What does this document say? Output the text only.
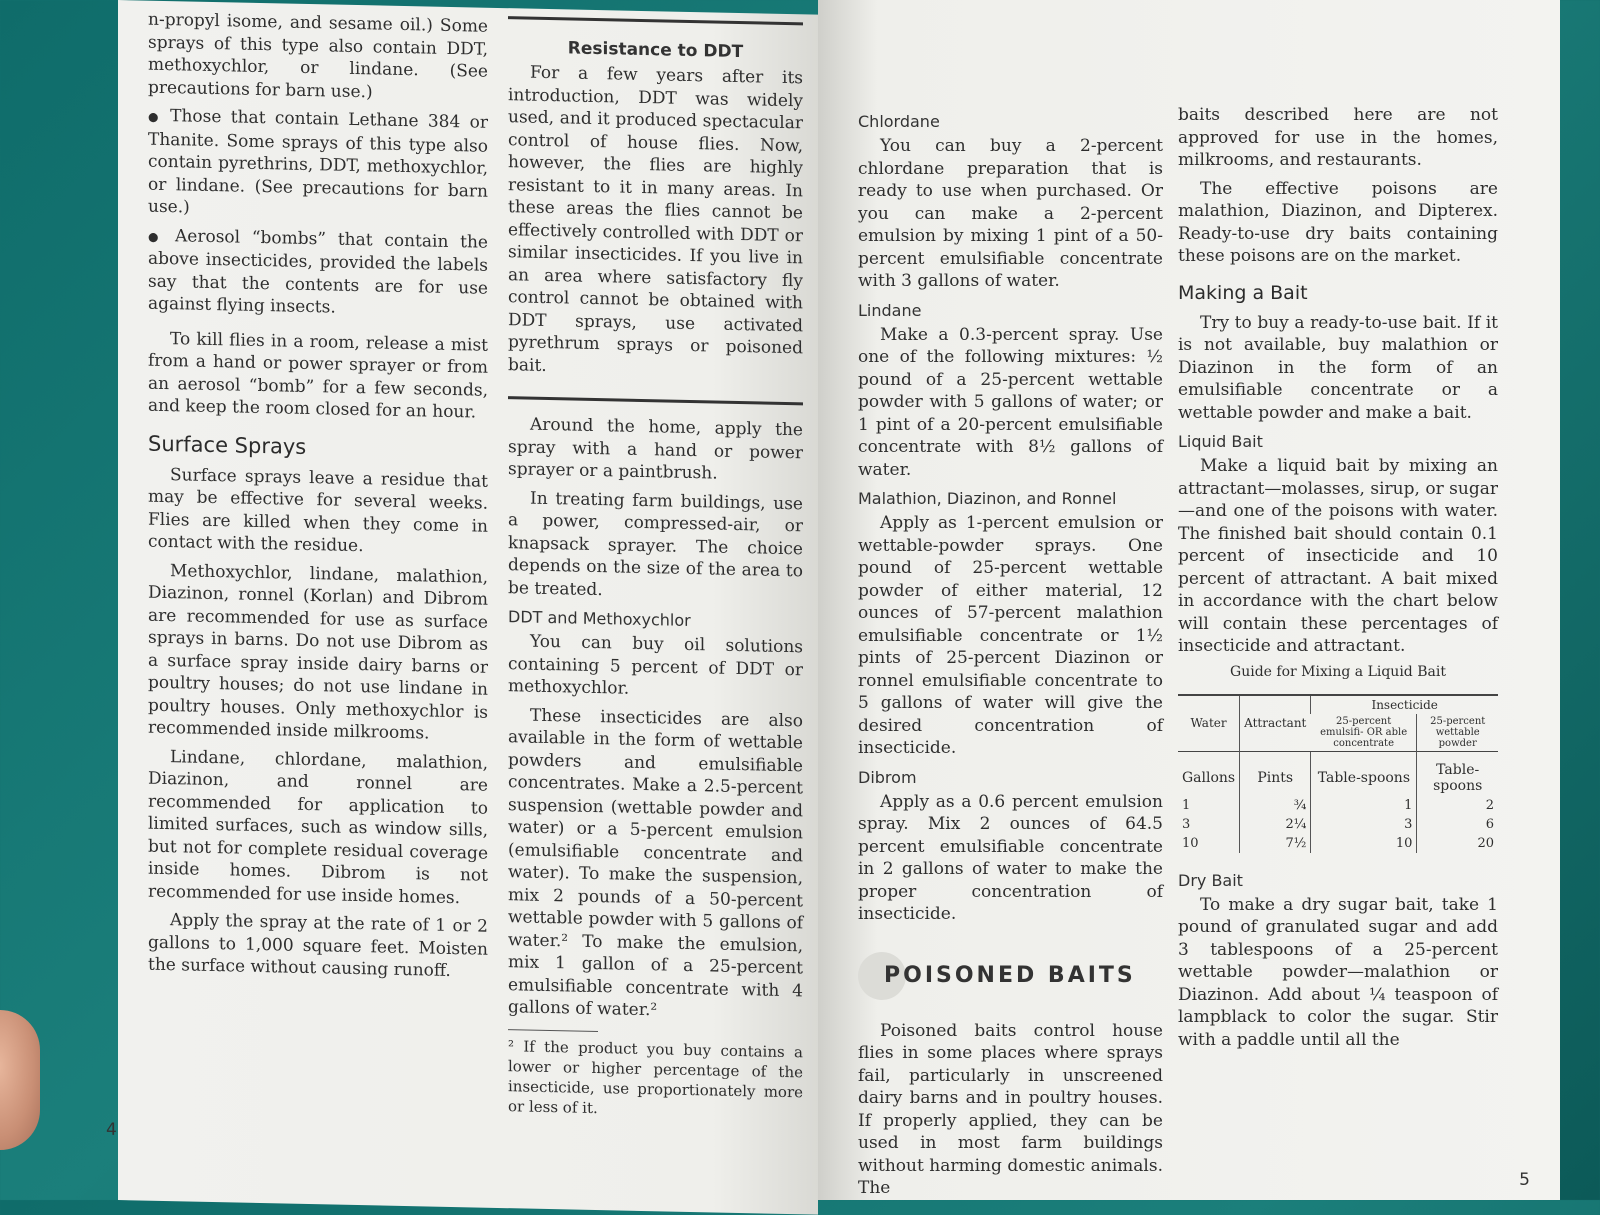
n-propyl isome, and sesame oil.) Some sprays of this type also contain DDT, methoxychlor, or lindane. (See precautions for barn use.)

● Those that contain Lethane 384 or Thanite. Some sprays of this type also contain pyrethrins, DDT, methoxychlor, or lindane. (See precautions for barn use.)

● Aerosol “bombs” that contain the above insecticides, provided the labels say that the contents are for use against flying insects.

To kill flies in a room, release a mist from a hand or power sprayer or from an aerosol “bomb” for a few seconds, and keep the room closed for an hour.

Surface Sprays

Surface sprays leave a residue that may be effective for several weeks. Flies are killed when they come in contact with the residue.

Methoxychlor, lindane, malathion, Diazinon, ronnel (Korlan) and Dibrom are recommended for use as surface sprays in barns. Do not use Dibrom as a surface spray inside dairy barns or poultry houses; do not use lindane in poultry houses. Only methoxychlor is recommended inside milkrooms.

Lindane, chlordane, malathion, Diazinon, and ronnel are recommended for application to limited surfaces, such as window sills, but not for complete residual coverage inside homes. Dibrom is not recommended for use inside homes.

Apply the spray at the rate of 1 or 2 gallons to 1,000 square feet. Moisten the surface without causing runoff.

Resistance to DDT

For a few years after its introduction, DDT was widely used, and it produced spectacular control of house flies. Now, however, the flies are highly resistant to it in many areas. In these areas the flies cannot be effectively controlled with DDT or similar insecticides. If you live in an area where satisfactory fly control cannot be obtained with DDT sprays, use activated pyrethrum sprays or poisoned bait.

Around the home, apply the spray with a hand or power sprayer or a paintbrush.

In treating farm buildings, use a power, compressed-air, or knapsack sprayer. The choice depends on the size of the area to be treated.

DDT and Methoxychlor

You can buy oil solutions containing 5 percent of DDT or methoxychlor.

These insecticides are also available in the form of wettable powders and emulsifiable concentrates. Make a 2.5-percent suspension (wettable powder and water) or a 5-percent emulsion (emulsifiable concentrate and water). To make the suspension, mix 2 pounds of a 50-percent wettable powder with 5 gallons of water.² To make the emulsion, mix 1 gallon of a 25-percent emulsifiable concentrate with 4 gallons of water.²

² If the product you buy contains a lower or higher percentage of the insecticide, use proportionately more or less of it.

4
Chlordane

You can buy a 2-percent chlordane preparation that is ready to use when purchased. Or you can make a 2-percent emulsion by mixing 1 pint of a 50-percent emulsifiable concentrate with 3 gallons of water.

Lindane

Make a 0.3-percent spray. Use one of the following mixtures: ½ pound of a 25-percent wettable powder with 5 gallons of water; or 1 pint of a 20-percent emulsifiable concentrate with 8½ gallons of water.

Malathion, Diazinon, and Ronnel

Apply as 1-percent emulsion or wettable-powder sprays. One pound of 25-percent wettable powder of either material, 12 ounces of 57-percent malathion emulsifiable concentrate or 1½ pints of 25-percent Diazinon or ronnel emulsifiable concentrate to 5 gallons of water will give the desired concentration of insecticide.

Dibrom

Apply as a 0.6 percent emulsion spray. Mix 2 ounces of 64.5 percent emulsifiable concentrate in 2 gallons of water to make the proper concentration of insecticide.

POISONED BAITS

Poisoned baits control house flies in some places where sprays fail, particularly in unscreened dairy barns and in poultry houses. If properly applied, they can be used in most farm buildings without harming domestic animals. The

baits described here are not approved for use in the homes, milkrooms, and restaurants.

The effective poisons are malathion, Diazinon, and Dipterex. Ready-to-use dry baits containing these poisons are on the market.

Making a Bait

Try to buy a ready-to-use bait. If it is not available, buy malathion or Diazinon in the form of an emulsifiable concentrate or a wettable powder and make a bait.

Liquid Bait

Make a liquid bait by mixing an attractant—molasses, sirup, or sugar—and one of the poisons with water. The finished bait should contain 0.1 percent of insecticide and 10 percent of attractant. A bait mixed in accordance with the chart below will contain these percentages of insecticide and attractant.

Guide for Mixing a Liquid Bait
Water	Attractant	Insecticide	
		25-percent emulsifi- OR able concentrate	25-percent wettable powder
Gallons	Pints	Table-spoons	Table-spoons
1	¾	1	2
3	2¼	3	6
10	7½	10	20
Dry Bait

To make a dry sugar bait, take 1 pound of granulated sugar and add 3 tablespoons of a 25-percent wettable powder—malathion or Diazinon. Add about ¼ teaspoon of lampblack to color the sugar. Stir with a paddle until all the

5
